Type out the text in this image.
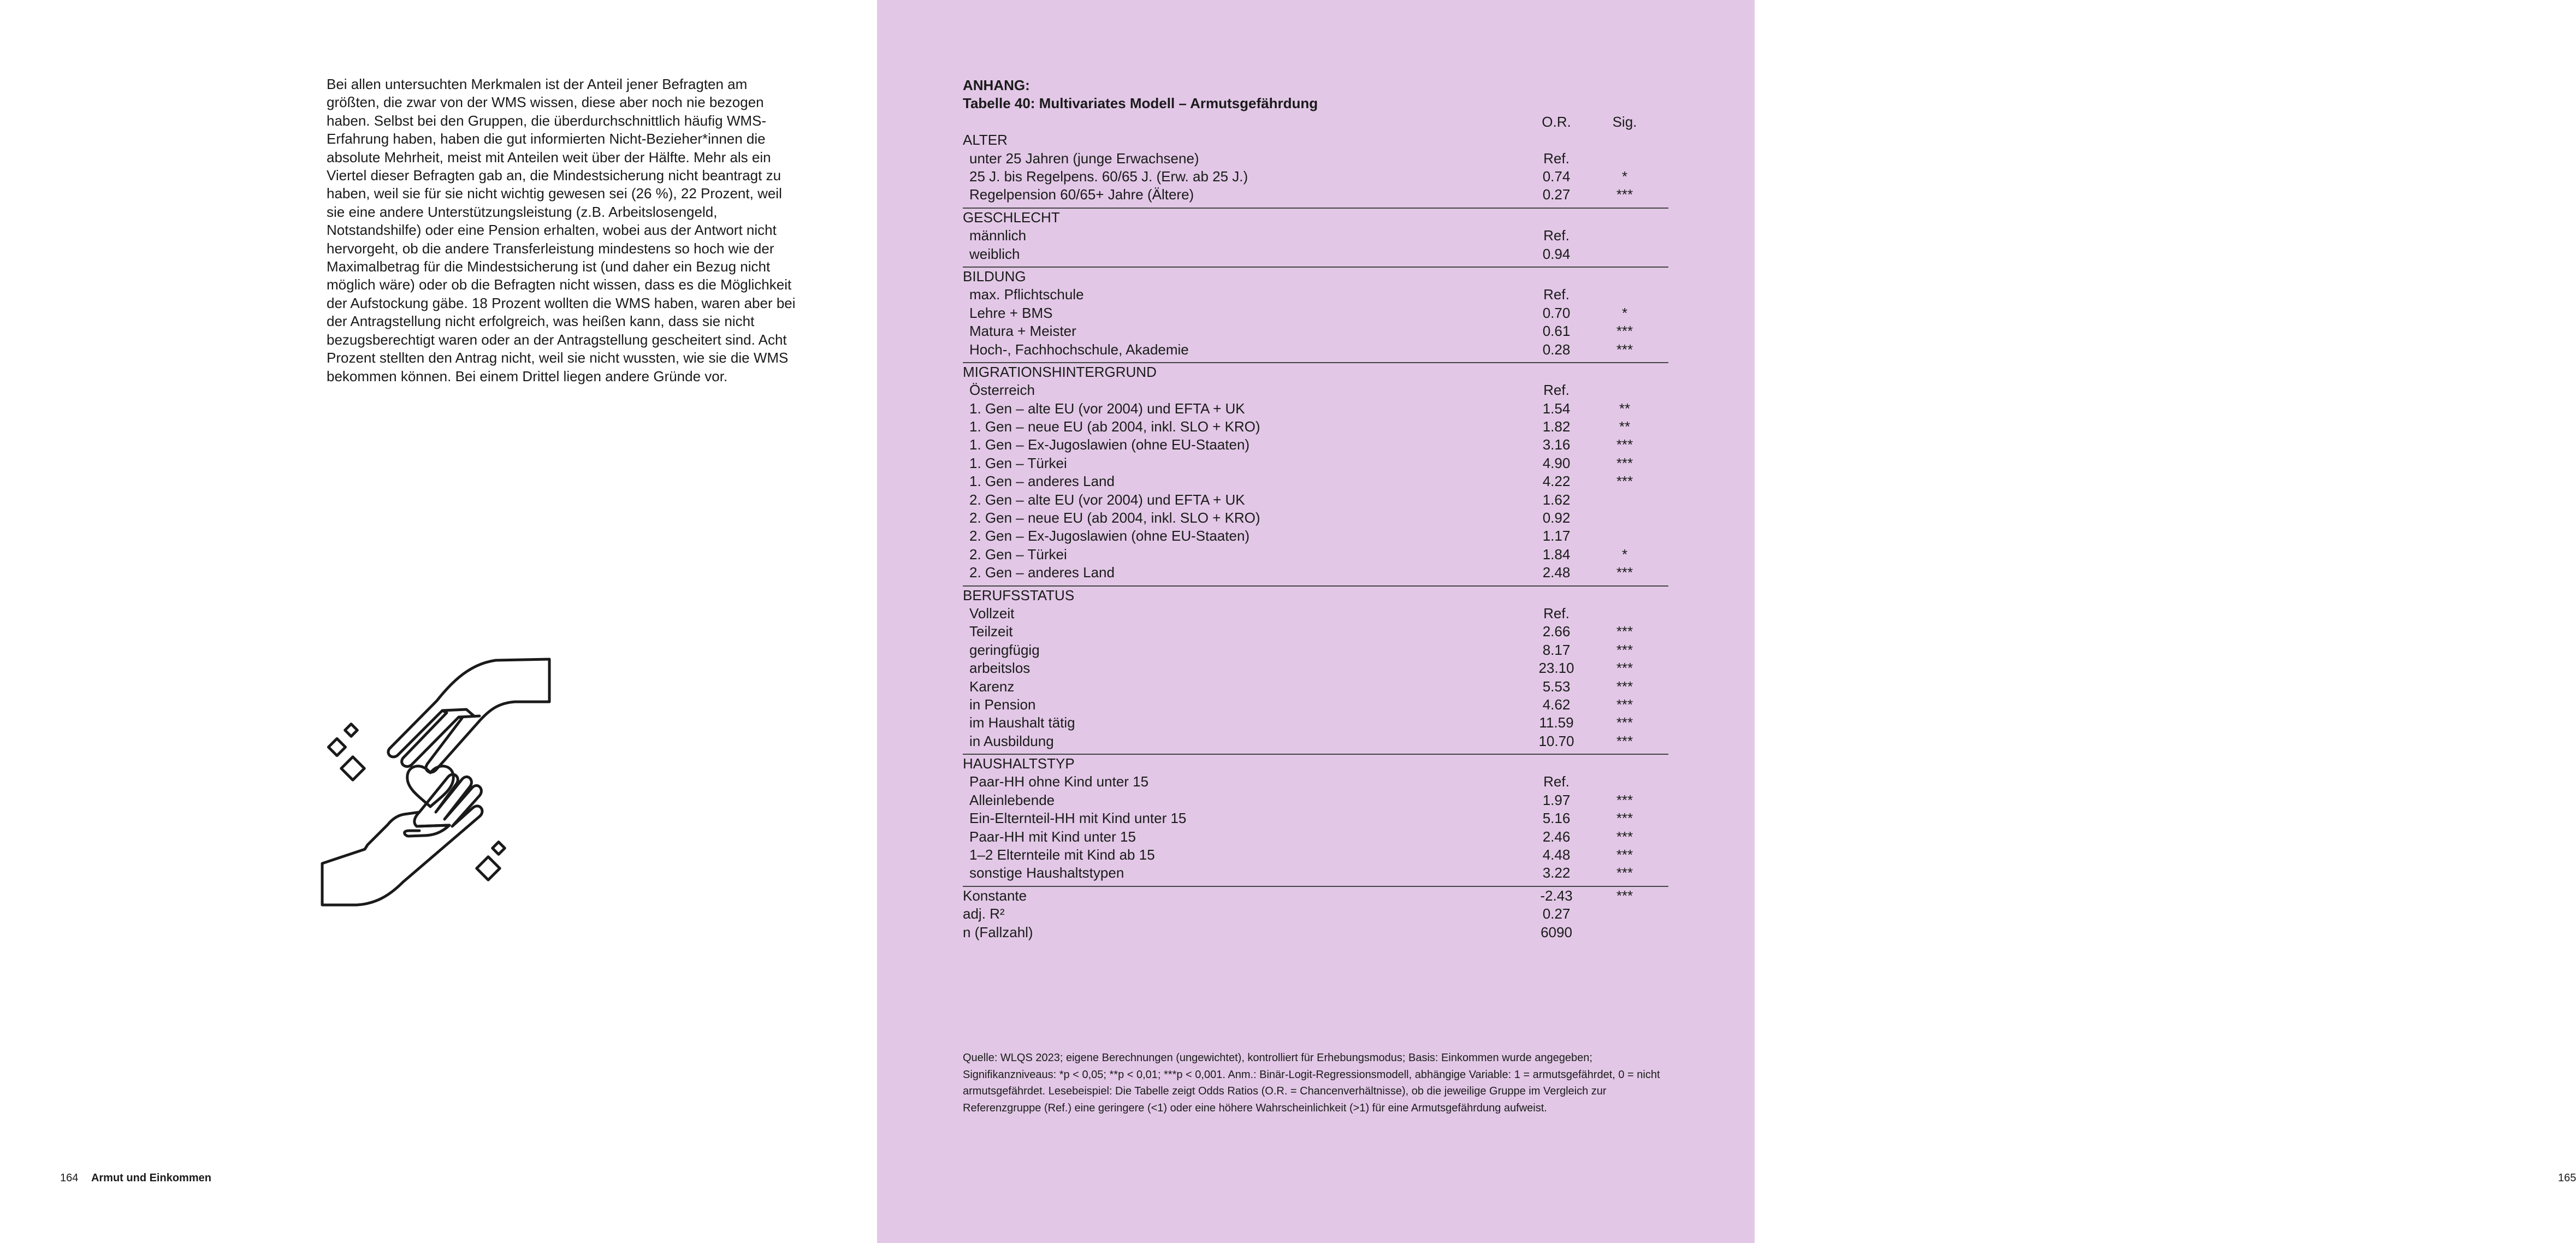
Bei allen untersuchten Merkmalen ist der Anteil jener Befragten am größten, die zwar von der WMS wissen, diese aber noch nie bezogen haben. Selbst bei den Gruppen, die überdurchschnittlich häufig WMS-Erfahrung haben, haben die gut informierten Nicht-Bezieher*innen die absolute Mehrheit, meist mit Anteilen weit über der Hälfte. Mehr als ein Viertel dieser Befragten gab an, die Mindestsicherung nicht beantragt zu haben, weil sie für sie nicht wichtig gewesen sei (26 %), 22 Prozent, weil sie eine andere Unterstützungsleistung (z.B. Arbeitslosengeld, Notstandshilfe) oder eine Pension erhalten, wobei aus der Antwort nicht hervorgeht, ob die andere Transferleistung mindestens so hoch wie der Maximalbetrag für die Mindestsicherung ist (und daher ein Bezug nicht möglich wäre) oder ob die Befragten nicht wissen, dass es die Möglichkeit der Aufstockung gäbe. 18 Prozent wollten die WMS haben, waren aber bei der Antragstellung nicht erfolgreich, was heißen kann, dass sie nicht bezugsberechtigt waren oder an der Antragstellung gescheitert sind. Acht Prozent stellten den Antrag nicht, weil sie nicht wussten, wie sie die WMS bekommen können. Bei einem Drittel liegen andere Gründe vor.

164 Armut und Einkommen	165
ANHANG:
Tabelle 40: Multivariates Modell – Armutsgefährdung
O.R.	Sig.
ALTER
unter 25 Jahren (junge Erwachsene)	Ref.
25 J. bis Regelpens. 60/65 J. (Erw. ab 25 J.)	0.74	*
Regelpension 60/65+ Jahre (Ältere)	0.27	***
GESCHLECHT
männlich	Ref.
weiblich	0.94
BILDUNG
max. Pflichtschule	Ref.
Lehre + BMS	0.70	*
Matura + Meister	0.61	***
Hoch-, Fachhochschule, Akademie	0.28	***
MIGRATIONSHINTERGRUND
Österreich	Ref.
1. Gen – alte EU (vor 2004) und EFTA + UK	1.54	**
1. Gen – neue EU (ab 2004, inkl. SLO + KRO)	1.82	**
1. Gen – Ex-Jugoslawien (ohne EU-Staaten)	3.16	***
1. Gen – Türkei	4.90	***
1. Gen – anderes Land	4.22	***
2. Gen – alte EU (vor 2004) und EFTA + UK	1.62
2. Gen – neue EU (ab 2004, inkl. SLO + KRO)	0.92
2. Gen – Ex-Jugoslawien (ohne EU-Staaten)	1.17
2. Gen – Türkei	1.84	*
2. Gen – anderes Land	2.48	***
BERUFSSTATUS
Vollzeit	Ref.
Teilzeit	2.66	***
geringfügig	8.17	***
arbeitslos	23.10	***
Karenz	5.53	***
in Pension	4.62	***
im Haushalt tätig	11.59	***
in Ausbildung	10.70	***
HAUSHALTSTYP
Paar-HH ohne Kind unter 15	Ref.
Alleinlebende	1.97	***
Ein-Elternteil-HH mit Kind unter 15	5.16	***
Paar-HH mit Kind unter 15	2.46	***
1–2 Elternteile mit Kind ab 15	4.48	***
sonstige Haushaltstypen	3.22	***
Konstante	-2.43	***
adj. R²	0.27
n (Fallzahl)	6090

Quelle: WLQS 2023; eigene Berechnungen (ungewichtet), kontrolliert für Erhebungsmodus; Basis: Einkommen wurde angegeben; Signifikanzniveaus: *p < 0,05; **p < 0,01; ***p < 0,001. Anm.: Binär-Logit-Regressionsmodell, abhängige Variable: 1 = armutsgefährdet, 0 = nicht armutsgefährdet. Lesebeispiel: Die Tabelle zeigt Odds Ratios (O.R. = Chancenverhältnisse), ob die jeweilige Gruppe im Vergleich zur Referenzgruppe (Ref.) eine geringere (<1) oder eine höhere Wahrscheinlichkeit (>1) für eine Armutsgefährdung aufweist.
